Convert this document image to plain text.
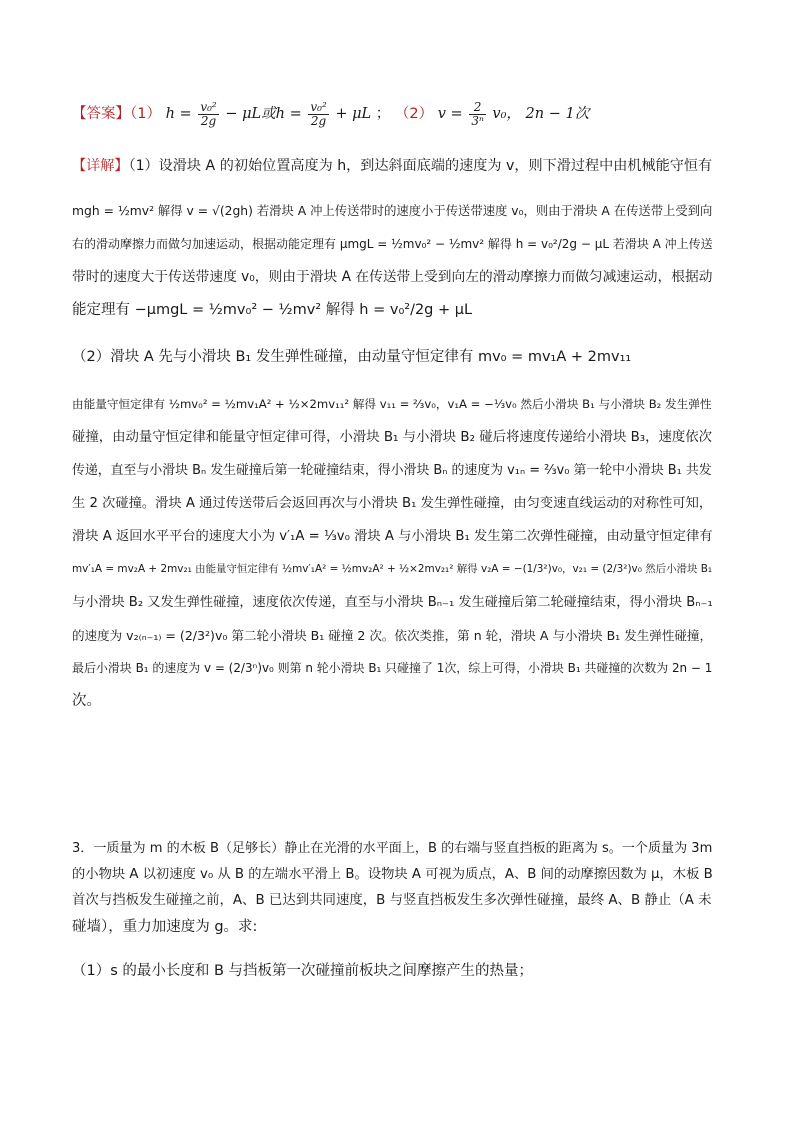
【答案】（1） $h = \frac{\text{v₀²}}{2g} - \mu L$或$h = \frac{\text{v₀²}}{2g} + \mu L$ ； （2） $v = \frac{2}{\text{3ⁿ}} v_0$， 2n − 1次
【详解】（1）设滑块 A 的初始位置高度为 h，到达斜面底端的速度为 v，则下滑过程中由机械能守恒有
mgh = ½mv² 解得 v = √(2gh) 若滑块 A 冲上传送带时的速度小于传送带速度 v₀，则由于滑块 A 在传送带上受到向
右的滑动摩擦力而做匀加速运动，根据动能定理有 μmgL = ½mv₀² − ½mv² 解得 h = v₀²/2g − μL 若滑块 A 冲上传送
带时的速度大于传送带速度 v₀，则由于滑块 A 在传送带上受到向左的滑动摩擦力而做匀减速运动，根据动
能定理有 −μmgL = ½mv₀² − ½mv² 解得 h = v₀²/2g + μL
（2）滑块 A 先与小滑块 B₁ 发生弹性碰撞，由动量守恒定律有 mv₀ = mv₁A + 2mv₁₁
由能量守恒定律有 ½mv₀² = ½mv₁A² + ½×2mv₁₁² 解得 v₁₁ = ⅔v₀，v₁A = −⅓v₀ 然后小滑块 B₁ 与小滑块 B₂ 发生弹性
碰撞，由动量守恒定律和能量守恒定律可得，小滑块 B₁ 与小滑块 B₂ 碰后将速度传递给小滑块 B₃，速度依次
传递，直至与小滑块 Bₙ 发生碰撞后第一轮碰撞结束，得小滑块 Bₙ 的速度为 v₁ₙ = ⅔v₀ 第一轮中小滑块 B₁ 共发
生 2 次碰撞。滑块 A 通过传送带后会返回再次与小滑块 B₁ 发生弹性碰撞，由匀变速直线运动的对称性可知，
滑块 A 返回水平平台的速度大小为 v′₁A = ⅓v₀ 滑块 A 与小滑块 B₁ 发生第二次弹性碰撞，由动量守恒定律有
mv′₁A = mv₂A + 2mv₂₁ 由能量守恒定律有 ½mv′₁A² = ½mv₂A² + ½×2mv₂₁² 解得 v₂A = −(1/3²)v₀，v₂₁ = (2/3²)v₀ 然后小滑块 B₁
与小滑块 B₂ 又发生弹性碰撞，速度依次传递，直至与小滑块 Bₙ₋₁ 发生碰撞后第二轮碰撞结束，得小滑块 Bₙ₋₁
的速度为 v₂₍ₙ₋₁₎ = (2/3²)v₀ 第二轮小滑块 B₁ 碰撞 2 次。依次类推，第 n 轮，滑块 A 与小滑块 B₁ 发生弹性碰撞，
最后小滑块 B₁ 的速度为 v = (2/3ⁿ)v₀ 则第 n 轮小滑块 B₁ 只碰撞了 1次，综上可得，小滑块 B₁ 共碰撞的次数为 2n − 1
次。
3．一质量为 m 的木板 B（足够长）静止在光滑的水平面上，B 的右端与竖直挡板的距离为 s。一个质量为 3m
的小物块 A 以初速度 v₀ 从 B 的左端水平滑上 B。设物块 A 可视为质点，A、B 间的动摩擦因数为 μ，木板 B
首次与挡板发生碰撞之前，A、B 已达到共同速度，B 与竖直挡板发生多次弹性碰撞，最终 A、B 静止（A 未
碰墙），重力加速度为 g。求:
（1）s 的最小长度和 B 与挡板第一次碰撞前板块之间摩擦产生的热量；
